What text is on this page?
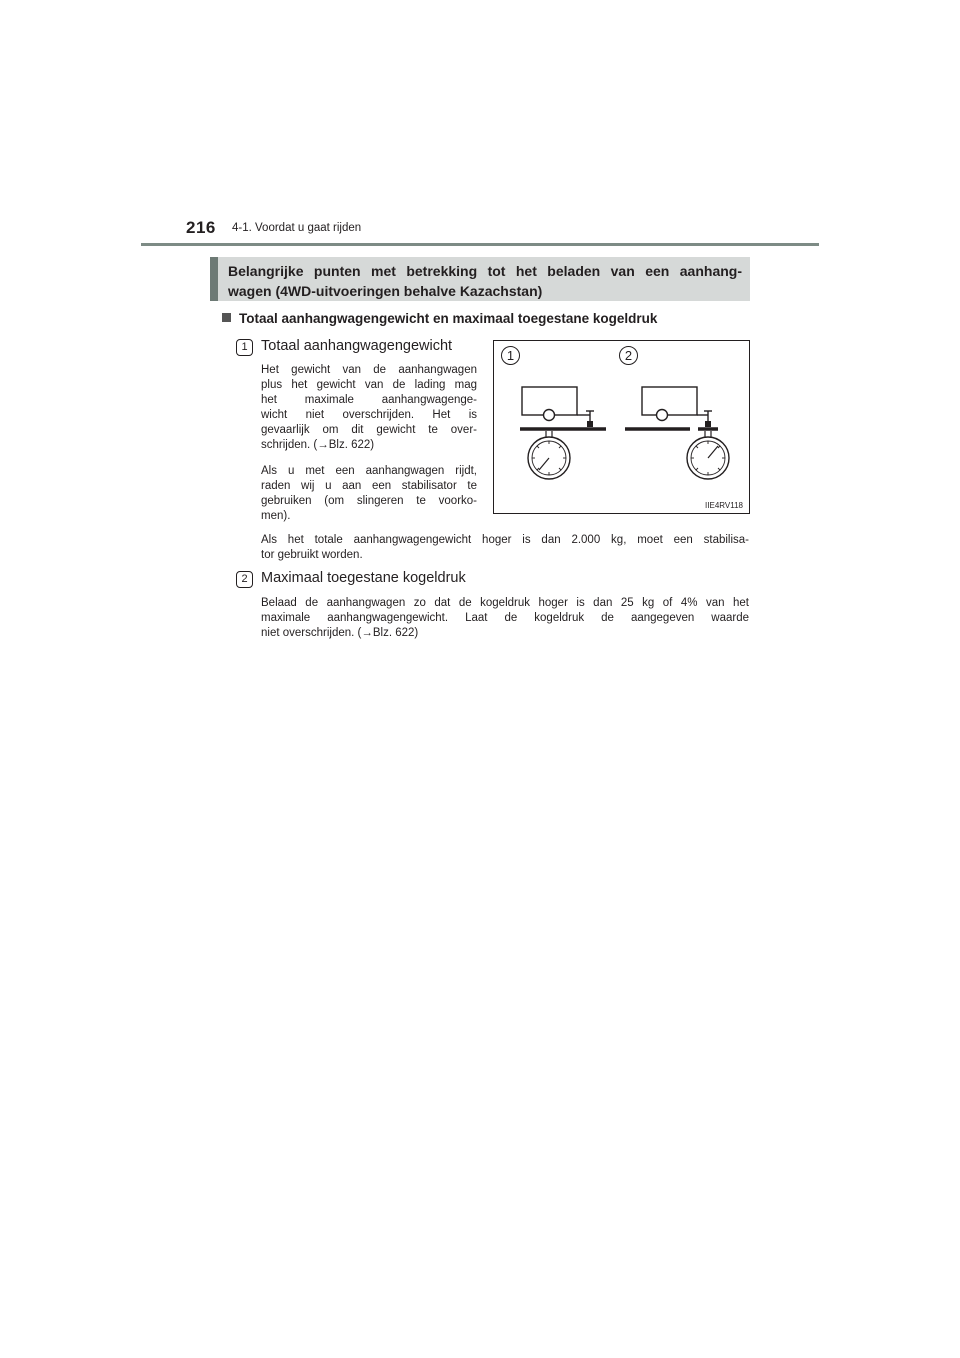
216 4-1. Voordat u gaat rijden
Belangrijke punten met betrekking tot het beladen van een aanhang-
wagen (4WD-uitvoeringen behalve Kazachstan)
Totaal aanhangwagengewicht en maximaal toegestane kogeldruk
1 Totaal aanhangwagengewicht
Het gewicht van de aanhangwagen
plus het gewicht van de lading mag
het maximale aanhangwagenge-
wicht niet overschrijden. Het is
gevaarlijk om dit gewicht te over-
schrijden. (→Blz. 622)
Als u met een aanhangwagen rijdt,
raden wij u aan een stabilisator te
gebruiken (om slingeren te voorko-
men).
Als het totale aanhangwagengewicht hoger is dan 2.000 kg, moet een stabilisa-
tor gebruikt worden.
2 Maximaal toegestane kogeldruk
Belaad de aanhangwagen zo dat de kogeldruk hoger is dan 25 kg of 4% van het
maximale aanhangwagengewicht. Laat de kogeldruk de aangegeven waarde
niet overschrijden. (→Blz. 622)
1	2
IIE4RV118
